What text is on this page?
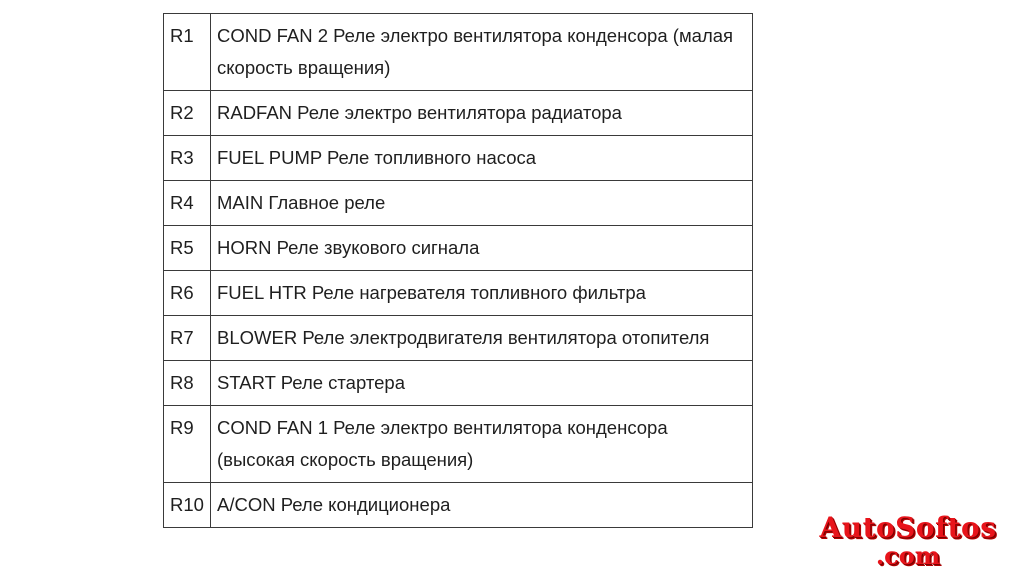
R1	COND FAN 2 Реле электро вентилятора конденсора (малая скорость вращения)
R2	RADFAN Реле электро вентилятора радиатора
R3	FUEL PUMP Реле топливного насоса
R4	MAIN Главное реле
R5	HORN Реле звукового сигнала
R6	FUEL HTR Реле нагревателя топливного фильтра
R7	BLOWER Реле электродвигателя вентилятора отопителя
R8	START Реле стартера
R9	COND FAN 1 Реле электро вентилятора конденсора (высокая скорость вращения)
R10	A/CON Реле кондиционера
AutoSoftos
.com
